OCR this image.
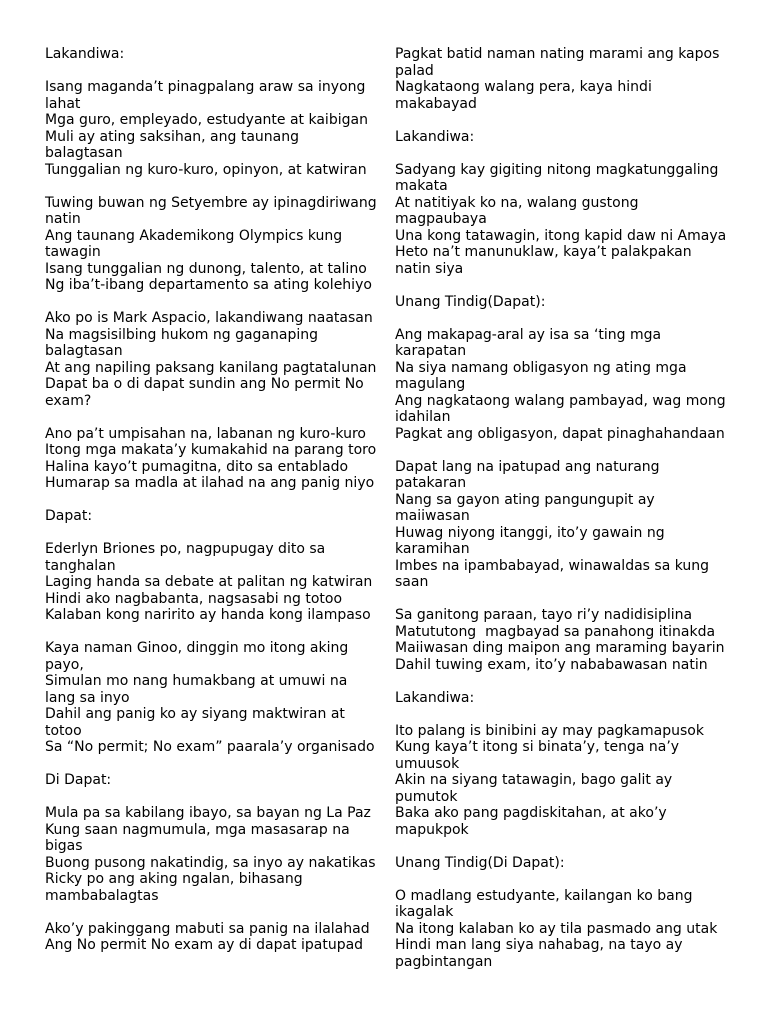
Lakandiwa:
Isang maganda’t pinagpalang araw sa inyong
lahat
Mga guro, empleyado, estudyante at kaibigan
Muli ay ating saksihan, ang taunang
balagtasan
Tunggalian ng kuro-kuro, opinyon, at katwiran
Tuwing buwan ng Setyembre ay ipinagdiriwang
natin
Ang taunang Akademikong Olympics kung
tawagin
Isang tunggalian ng dunong, talento, at talino
Ng iba’t-ibang departamento sa ating kolehiyo
Ako po is Mark Aspacio, lakandiwang naatasan
Na magsisilbing hukom ng gaganaping
balagtasan
At ang napiling paksang kanilang pagtatalunan
Dapat ba o di dapat sundin ang No permit No
exam?
Ano pa’t umpisahan na, labanan ng kuro-kuro
Itong mga makata’y kumakahid na parang toro
Halina kayo’t pumagitna, dito sa entablado
Humarap sa madla at ilahad na ang panig niyo
Dapat:
Ederlyn Briones po, nagpupugay dito sa
tanghalan
Laging handa sa debate at palitan ng katwiran
Hindi ako nagbabanta, nagsasabi ng totoo
Kalaban kong naririto ay handa kong ilampaso
Kaya naman Ginoo, dinggin mo itong aking
payo,
Simulan mo nang humakbang at umuwi na
lang sa inyo
Dahil ang panig ko ay siyang maktwiran at
totoo
Sa “No permit; No exam” paarala’y organisado
Di Dapat:
Mula pa sa kabilang ibayo, sa bayan ng La Paz
Kung saan nagmumula, mga masasarap na
bigas
Buong pusong nakatindig, sa inyo ay nakatikas
Ricky po ang aking ngalan, bihasang
mambabalagtas
Ako’y pakinggang mabuti sa panig na ilalahad
Ang No permit No exam ay di dapat ipatupad
Pagkat batid naman nating marami ang kapos
palad
Nagkataong walang pera, kaya hindi
makabayad
Lakandiwa:
Sadyang kay gigiting nitong magkatunggaling
makata
At natitiyak ko na, walang gustong
magpaubaya
Una kong tatawagin, itong kapid daw ni Amaya
Heto na’t manunuklaw, kaya’t palakpakan
natin siya
Unang Tindig(Dapat):
Ang makapag-aral ay isa sa ‘ting mga
karapatan
Na siya namang obligasyon ng ating mga
magulang
Ang nagkataong walang pambayad, wag mong
idahilan
Pagkat ang obligasyon, dapat pinaghahandaan
Dapat lang na ipatupad ang naturang
patakaran
Nang sa gayon ating pangungupit ay
maiiwasan
Huwag niyong itanggi, ito’y gawain ng
karamihan
Imbes na ipambabayad, winawaldas sa kung
saan
Sa ganitong paraan, tayo ri’y nadidisiplina
Matututong  magbayad sa panahong itinakda
Maiiwasan ding maipon ang maraming bayarin
Dahil tuwing exam, ito’y nababawasan natin
Lakandiwa:
Ito palang is binibini ay may pagkamapusok
Kung kaya’t itong si binata’y, tenga na’y
umuusok
Akin na siyang tatawagin, bago galit ay
pumutok
Baka ako pang pagdiskitahan, at ako’y
mapukpok
Unang Tindig(Di Dapat):
O madlang estudyante, kailangan ko bang
ikagalak
Na itong kalaban ko ay tila pasmado ang utak
Hindi man lang siya nahabag, na tayo ay
pagbintangan
